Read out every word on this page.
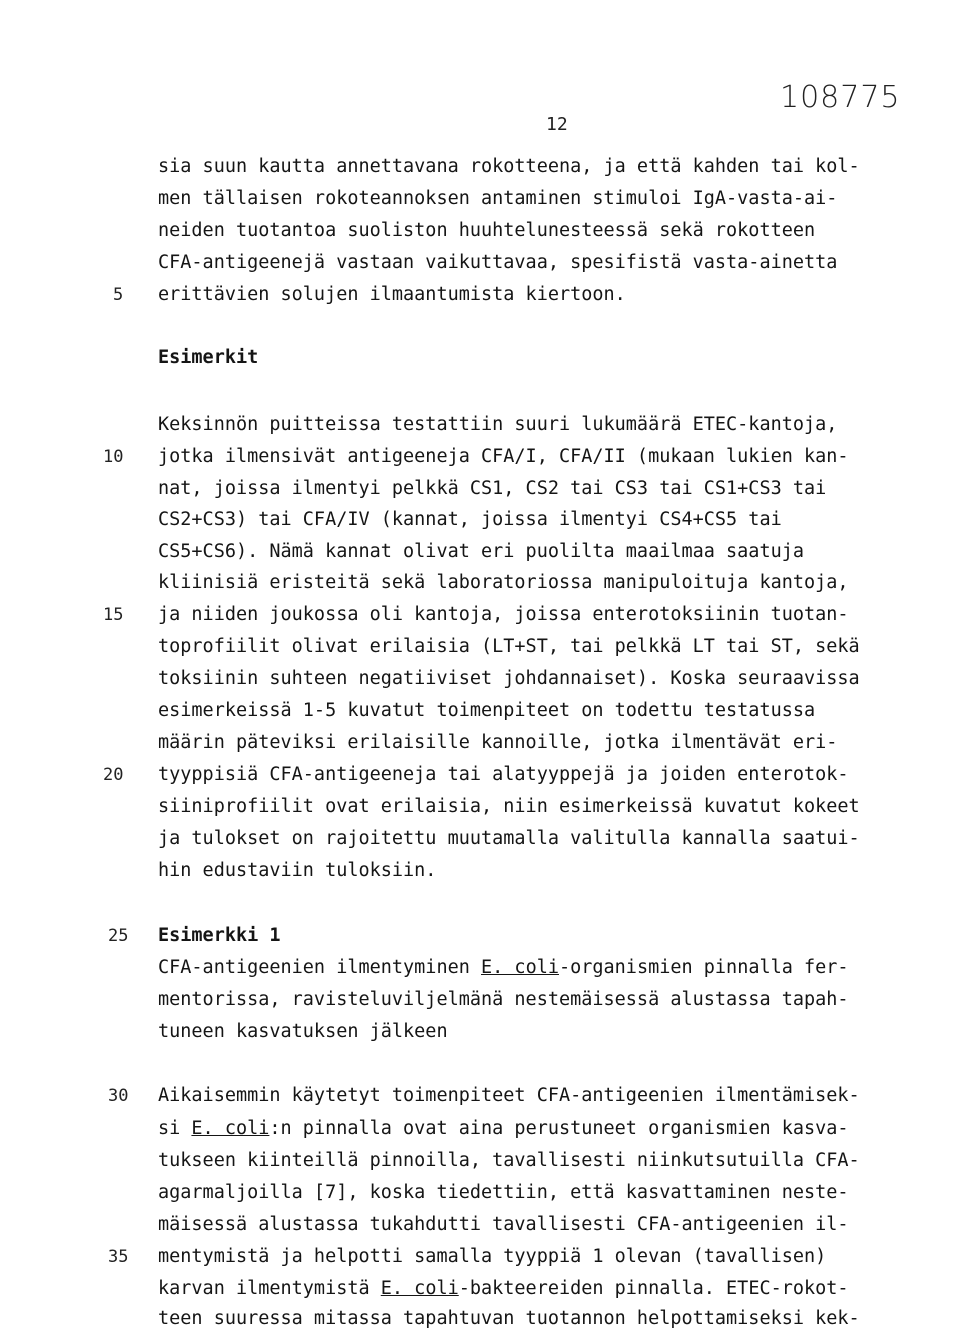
108775
12
5
10
15
20
25
30
35
sia suun kautta annettavana rokotteena, ja että kahden tai kol-
men tällaisen rokoteannoksen antaminen stimuloi IgA-vasta-ai-
neiden tuotantoa suoliston huuhtelunesteessä sekä rokotteen
CFA-antigeenejä vastaan vaikuttavaa, spesifistä vasta-ainetta
erittävien solujen ilmaantumista kiertoon.
Esimerkit
Keksinnön puitteissa testattiin suuri lukumäärä ETEC-kantoja,
jotka ilmensivät antigeeneja CFA/I, CFA/II (mukaan lukien kan-
nat, joissa ilmentyi pelkkä CS1, CS2 tai CS3 tai CS1+CS3 tai
CS2+CS3) tai CFA/IV (kannat, joissa ilmentyi CS4+CS5 tai
CS5+CS6). Nämä kannat olivat eri puolilta maailmaa saatuja
kliinisiä eristeitä sekä laboratoriossa manipuloituja kantoja,
ja niiden joukossa oli kantoja, joissa enterotoksiinin tuotan-
toprofiilit olivat erilaisia (LT+ST, tai pelkkä LT tai ST, sekä
toksiinin suhteen negatiiviset johdannaiset). Koska seuraavissa
esimerkeissä 1-5 kuvatut toimenpiteet on todettu testatussa
määrin päteviksi erilaisille kannoille, jotka ilmentävät eri-
tyyppisiä CFA-antigeeneja tai alatyyppejä ja joiden enterotok-
siiniprofiilit ovat erilaisia, niin esimerkeissä kuvatut kokeet
ja tulokset on rajoitettu muutamalla valitulla kannalla saatui-
hin edustaviin tuloksiin.
Esimerkki 1
CFA-antigeenien ilmentyminen E. coli-organismien pinnalla fer-
mentorissa, ravisteluviljelmänä nestemäisessä alustassa tapah-
tuneen kasvatuksen jälkeen
Aikaisemmin käytetyt toimenpiteet CFA-antigeenien ilmentämisek-
si E. coli:n pinnalla ovat aina perustuneet organismien kasva-
tukseen kiinteillä pinnoilla, tavallisesti niinkutsutuilla CFA-
agarmaljoilla [7], koska tiedettiin, että kasvattaminen neste-
mäisessä alustassa tukahdutti tavallisesti CFA-antigeenien il-
mentymistä ja helpotti samalla tyyppiä 1 olevan (tavallisen)
karvan ilmentymistä E. coli-bakteereiden pinnalla. ETEC-rokot-
teen suuressa mitassa tapahtuvan tuotannon helpottamiseksi kek-
